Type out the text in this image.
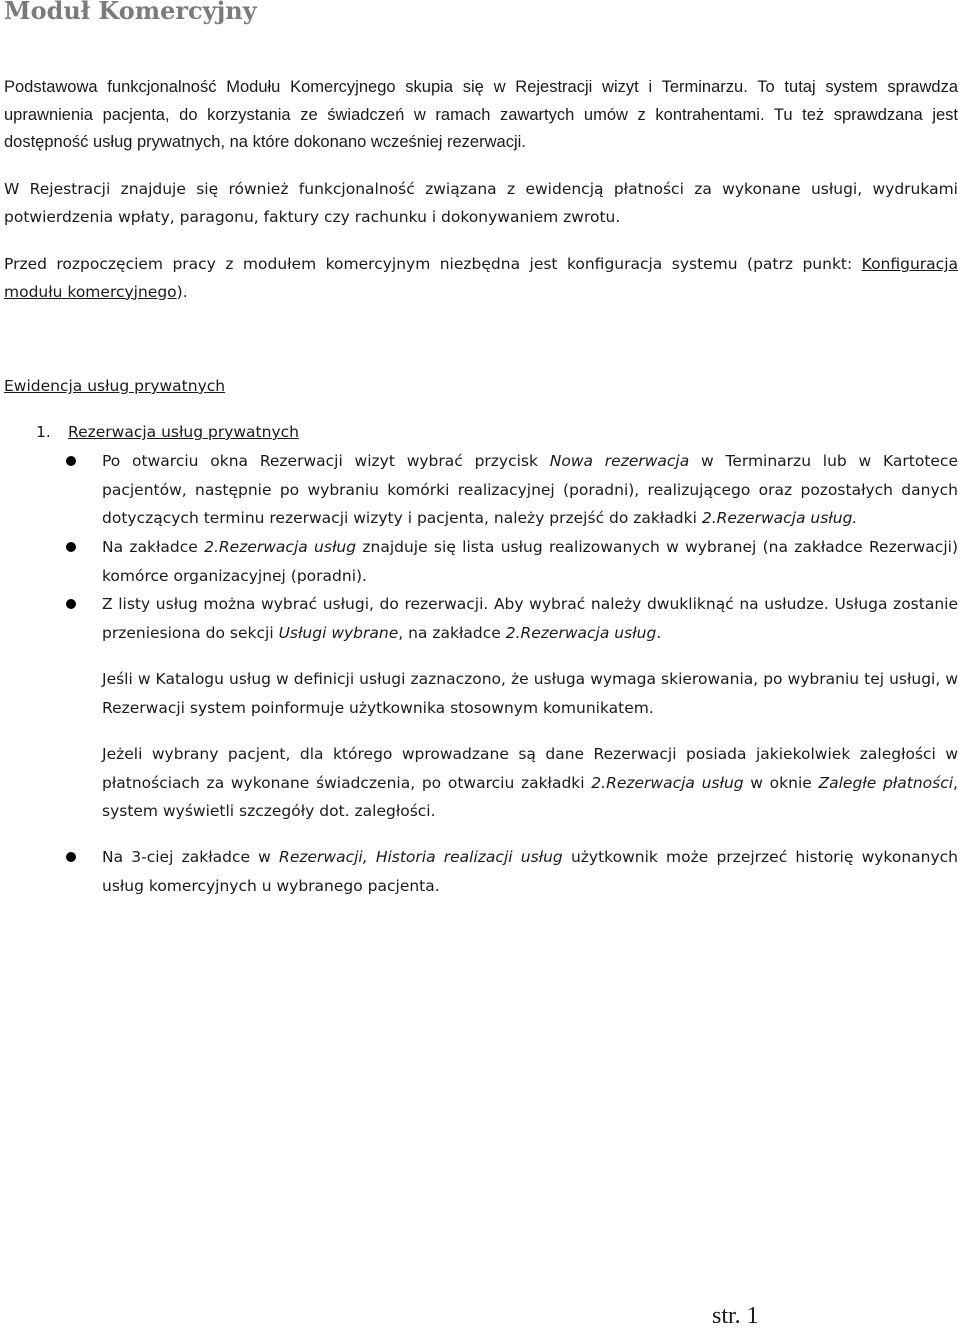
Moduł Komercyjny

Podstawowa funkcjonalność Modułu Komercyjnego skupia się w Rejestracji wizyt i Terminarzu. To tutaj system sprawdza uprawnienia pacjenta, do korzystania ze świadczeń w ramach zawartych umów z kontrahentami. Tu też sprawdzana jest dostępność usług prywatnych, na które dokonano wcześniej rezerwacji.

W Rejestracji znajduje się również funkcjonalność związana z ewidencją płatności za wykonane usługi, wydrukami potwierdzenia wpłaty, paragonu, faktury czy rachunku i dokonywaniem zwrotu.

Przed rozpoczęciem pracy z modułem komercyjnym niezbędna jest konfiguracja systemu (patrz punkt: Konfiguracja modułu komercyjnego).

Ewidencja usług prywatnych

1. Rezerwacja usług prywatnych

Po otwarciu okna Rezerwacji wizyt wybrać przycisk Nowa rezerwacja w Terminarzu lub w Kartotece pacjentów, następnie po wybraniu komórki realizacyjnej (poradni), realizującego oraz pozostałych danych dotyczących terminu rezerwacji wizyty i pacjenta, należy przejść do zakładki 2.Rezerwacja usług.

Na zakładce 2.Rezerwacja usług znajduje się lista usług realizowanych w wybranej (na zakładce Rezerwacji) komórce organizacyjnej (poradni).

Z listy usług można wybrać usługi, do rezerwacji. Aby wybrać należy dwukliknąć na usłudze. Usługa zostanie przeniesiona do sekcji Usługi wybrane, na zakładce 2.Rezerwacja usług.

Jeśli w Katalogu usług w definicji usługi zaznaczono, że usługa wymaga skierowania, po wybraniu tej usługi, w Rezerwacji system poinformuje użytkownika stosownym komunikatem.

Jeżeli wybrany pacjent, dla którego wprowadzane są dane Rezerwacji posiada jakiekolwiek zaległości w płatnościach za wykonane świadczenia, po otwarciu zakładki 2.Rezerwacja usług w oknie Zaległe płatności, system wyświetli szczegóły dot. zaległości.

Na 3-ciej zakładce w Rezerwacji, Historia realizacji usług użytkownik może przejrzeć historię wykonanych usług komercyjnych u wybranego pacjenta.

str. 1
